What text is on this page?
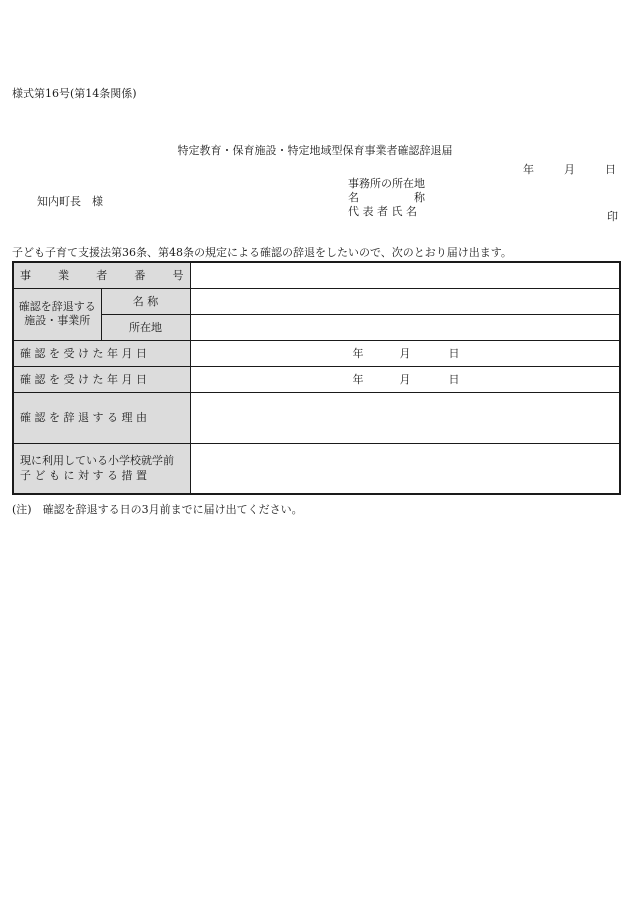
様式第16号(第14条関係)
特定教育・保育施設・特定地域型保育事業者確認辞退届
年	月	日
知内町長　様
事務所の所在地
名　　　　　称
代 表 者 氏 名	印
子ども子育て支援法第36条、第48条の規定による確認の辞退をしたいので、次のとおり届け出ます。
事 業 者 番 号		

確認を辞退する
施設・事業所	名 称	
	所在地	

確 認 を 受 け た 年 月 日		年 月 日

確 認 を 受 け た 年 月 日		年 月 日

確 認 を 辞 退 す る 理 由		

現に利用している小学校就学前
子 ど も に 対 す る 措 置		

(注)　確認を辞退する日の3月前までに届け出てください。
